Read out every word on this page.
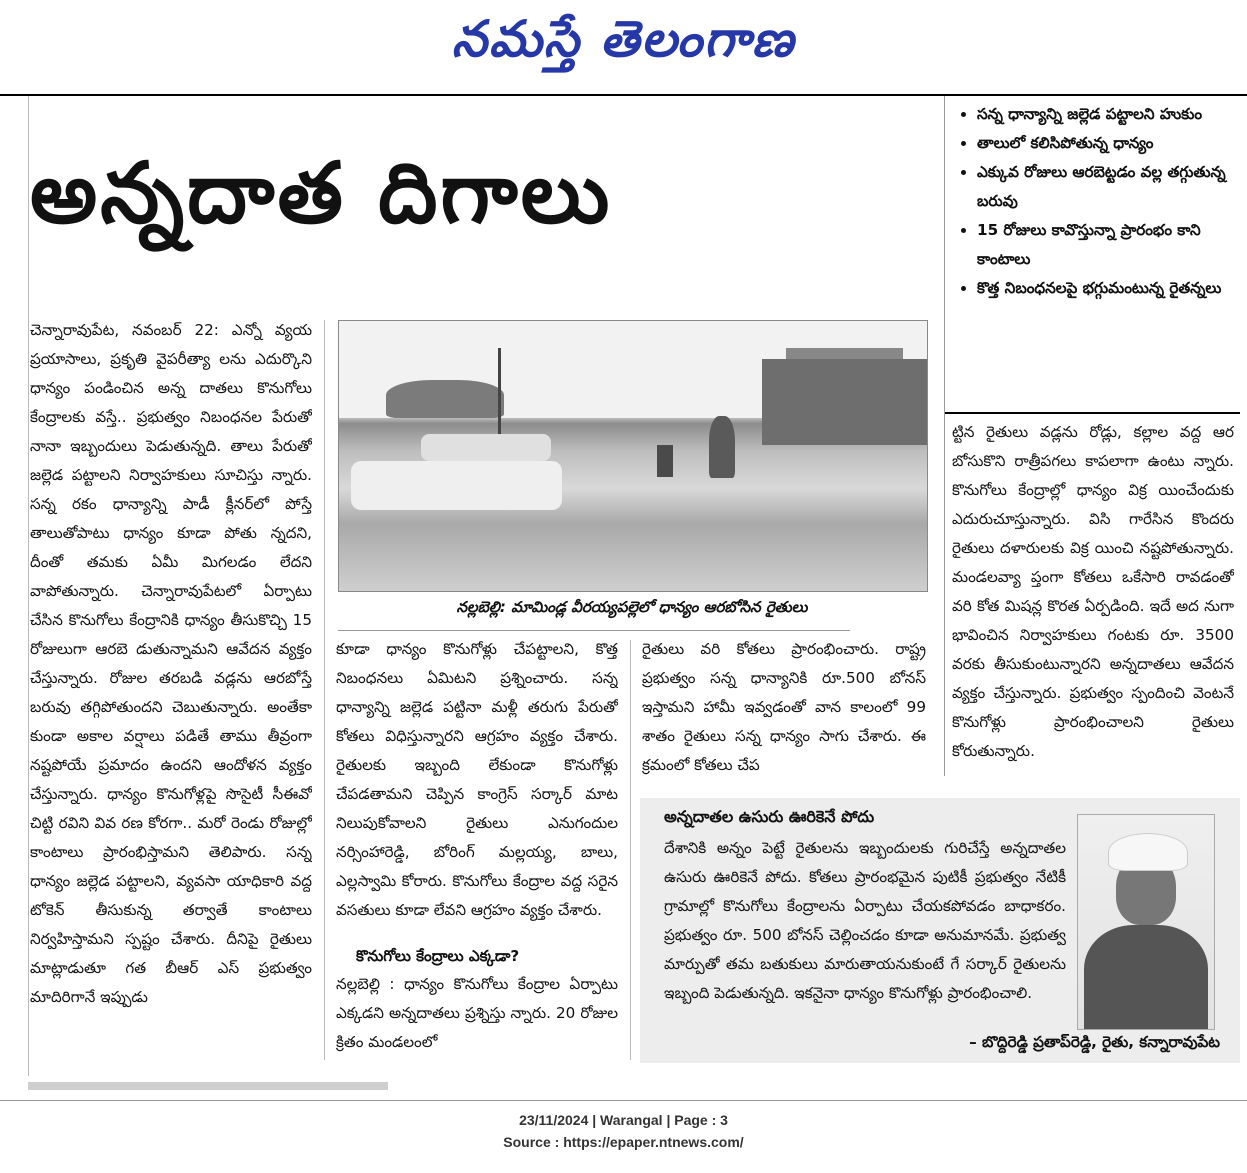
నమస్తే తెలంగాణ
అన్నదాత దిగాలు
• సన్న ధాన్యాన్ని జల్లెడ పట్టాలని హుకుం
• తాలులో కలిసిపోతున్న ధాన్యం
• ఎక్కువ రోజులు ఆరబెట్టడం వల్ల తగ్గుతున్న బరువు
• 15 రోజులు కావొస్తున్నా ప్రారంభం కాని కాంటాలు
• కొత్త నిబంధనలపై భగ్గుమంటున్న రైతన్నలు
చెన్నారావుపేట, నవంబర్ 22: ఎన్నో వ్యయ ప్రయాసాలు, ప్రకృతి వైపరీత్యా లను ఎదుర్కొని ధాన్యం పండించిన అన్న దాతలు కొనుగోలు కేంద్రాలకు వస్తే.. ప్రభుత్వం నిబంధనల పేరుతో నానా ఇబ్బందులు పెడుతున్నది. తాలు పేరుతో జల్లెడ పట్టాలని నిర్వాహకులు సూచిస్తు న్నారు. సన్న రకం ధాన్యాన్ని పాడీ క్లీనర్‌లో పోస్తే తాలుతోపాటు ధాన్యం కూడా పోతు న్నదని, దీంతో తమకు ఏమీ మిగలడం లేదని వాపోతున్నారు. చెన్నారావుపేటలో ఏర్పాటు చేసిన కొనుగోలు కేంద్రానికి ధాన్యం తీసుకొచ్చి 15 రోజులుగా ఆరబె డుతున్నామని ఆవేదన వ్యక్తం చేస్తున్నారు. రోజుల తరబడి వడ్లను ఆరబోస్తే బరువు తగ్గిపోతుందని చెబుతున్నారు. అంతేకా కుండా అకాల వర్షాలు పడితే తాము తీవ్రంగా నష్టపోయే ప్రమాదం ఉందని ఆందోళన వ్యక్తం చేస్తున్నారు. ధాన్యం కొనుగోళ్లపై సొసైటీ సీఈవో చిట్టి రవిని వివ రణ కోరగా.. మరో రెండు రోజుల్లో కాంటాలు ప్రారంభిస్తామని తెలిపారు. సన్న ధాన్యం జల్లెడ పట్టాలని, వ్యవసా యాధికారి వద్ద టోకెన్ తీసుకున్న తర్వాతే కాంటాలు నిర్వహిస్తామని స్పష్టం చేశారు. దీనిపై రైతులు మాట్లాడుతూ గత బీఆర్ ఎస్ ప్రభుత్వం మాదిరిగానే ఇప్పుడు
నల్లబెల్లి: మామిండ్ల వీరయ్యపల్లెలో ధాన్యం ఆరబోసిన రైతులు
కూడా ధాన్యం కొనుగోళ్లు చేపట్టాలని, కొత్త నిబంధనలు ఏమిటని ప్రశ్నించారు. సన్న ధాన్యాన్ని జల్లెడ పట్టినా మళ్లీ తరుగు పేరుతో కోతలు విధిస్తున్నారని ఆగ్రహం వ్యక్తం చేశారు. రైతులకు ఇబ్బంది లేకుండా కొనుగోళ్లు చేపడతామని చెప్పిన కాంగ్రెస్ సర్కార్ మాట నిలుపుకోవాలని రైతులు ఎనుగందుల నర్సింహారెడ్డి, బోరింగ్ మల్లయ్య, బాలు, ఎల్లస్వామి కోరారు. కొనుగోలు కేంద్రాల వద్ద సరైన వసతులు కూడా లేవని ఆగ్రహం వ్యక్తం చేశారు.
కొనుగోలు కేంద్రాలు ఎక్కడా?
నల్లబెల్లి : ధాన్యం కొనుగోలు కేంద్రాల ఏర్పాటు ఎక్కడని అన్నదాతలు ప్రశ్నిస్తు న్నారు. 20 రోజుల క్రితం మండలంలో
రైతులు వరి కోతలు ప్రారంభించారు. రాష్ట్ర ప్రభుత్వం సన్న ధాన్యానికి రూ.500 బోనస్ ఇస్తామని హామీ ఇవ్వడంతో వాన కాలంలో 99 శాతం రైతులు సన్న ధాన్యం సాగు చేశారు. ఈ క్రమంలో కోతలు చేప
ట్టిన రైతులు వడ్లను రోడ్లు, కల్లాల వద్ద ఆర బోసుకొని రాత్రీపగలు కాపలాగా ఉంటు న్నారు. కొనుగోలు కేంద్రాల్లో ధాన్యం విక్ర యించేందుకు ఎదురుచూస్తున్నారు. విసి గారేసిన కొందరు రైతులు దళారులకు విక్ర యించి నష్టపోతున్నారు. మండలవ్యా ప్తంగా కోతలు ఒకేసారి రావడంతో వరి కోత మిషన్ల కొరత ఏర్పడింది. ఇదే అద నుగా భావించిన నిర్వాహకులు గంటకు రూ. 3500 వరకు తీసుకుంటున్నారని అన్నదాతలు ఆవేదన వ్యక్తం చేస్తున్నారు. ప్రభుత్వం స్పందించి వెంటనే కొనుగోళ్లు ప్రారంభించాలని రైతులు కోరుతున్నారు.
అన్నదాతల ఉసురు ఊరికెనే పోదు
దేశానికి అన్నం పెట్టే రైతులను ఇబ్బందులకు గురిచేస్తే అన్నదాతల ఉసురు ఊరికెనే పోదు. కోతలు ప్రారంభమైన పుటికీ ప్రభుత్వం నేటికీ గ్రామాల్లో కొనుగోలు కేంద్రాలను ఏర్పాటు చేయకపోవడం బాధాకరం. ప్రభుత్వం రూ. 500 బోనస్ చెల్లించడం కూడా అనుమానమే. ప్రభుత్వ మార్పుతో తమ బతుకులు మారుతాయనుకుంటే గే సర్కార్ రైతులను ఇబ్బంది పెడుతున్నది. ఇకనైనా ధాన్యం కొనుగోళ్లు ప్రారంభించాలి.
– బొద్దిరెడ్డి ప్రతాప్‌రెడ్డి, రైతు, కన్నారావుపేట
23/11/2024 | Warangal | Page : 3
Source : https://epaper.ntnews.com/
